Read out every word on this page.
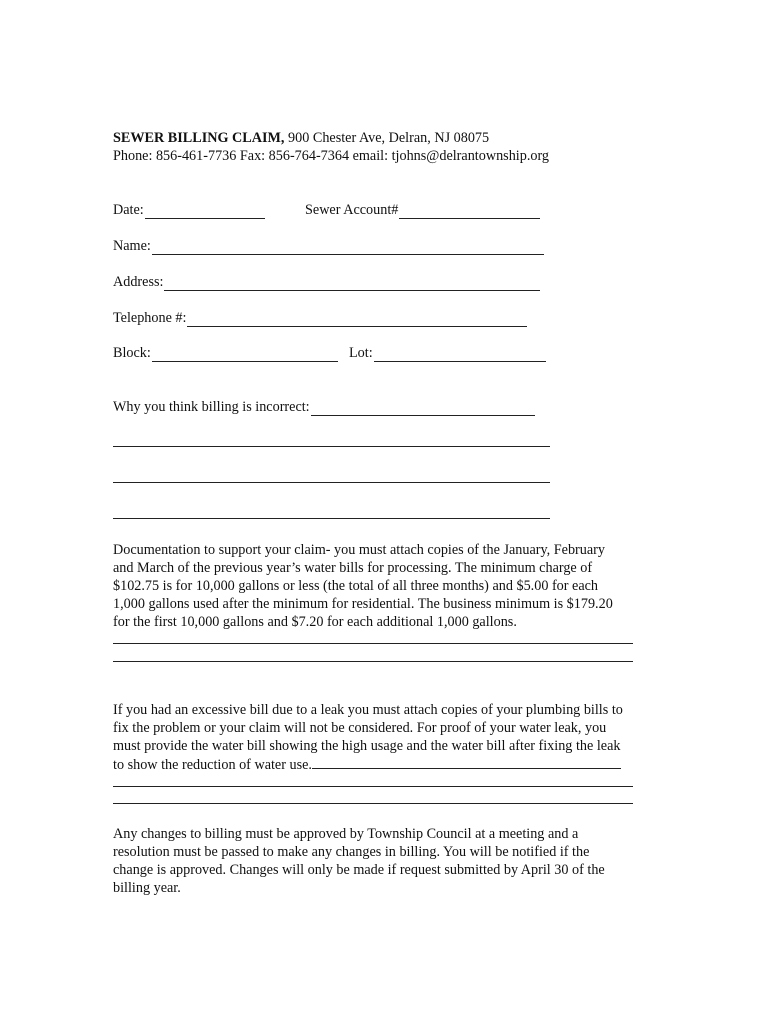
SEWER BILLING CLAIM, 900 Chester Ave, Delran, NJ 08075
Phone: 856-461-7736 Fax: 856-764-7364 email: tjohns@delrantownship.org
Date:	Sewer Account#
Name:
Address:
Telephone #:
Block:	Lot:
Why you think billing is incorrect:
Documentation to support your claim- you must attach copies of the January, February
and March of the previous year’s water bills for processing. The minimum charge of
$102.75 is for 10,000 gallons or less (the total of all three months) and $5.00 for each
1,000 gallons used after the minimum for residential. The business minimum is $179.20
for the first 10,000 gallons and $7.20 for each additional 1,000 gallons.
If you had an excessive bill due to a leak you must attach copies of your plumbing bills to
fix the problem or your claim will not be considered. For proof of your water leak, you
must provide the water bill showing the high usage and the water bill after fixing the leak
to show the reduction of water use.
Any changes to billing must be approved by Township Council at a meeting and a
resolution must be passed to make any changes in billing. You will be notified if the
change is approved. Changes will only be made if request submitted by April 30 of the
billing year.
